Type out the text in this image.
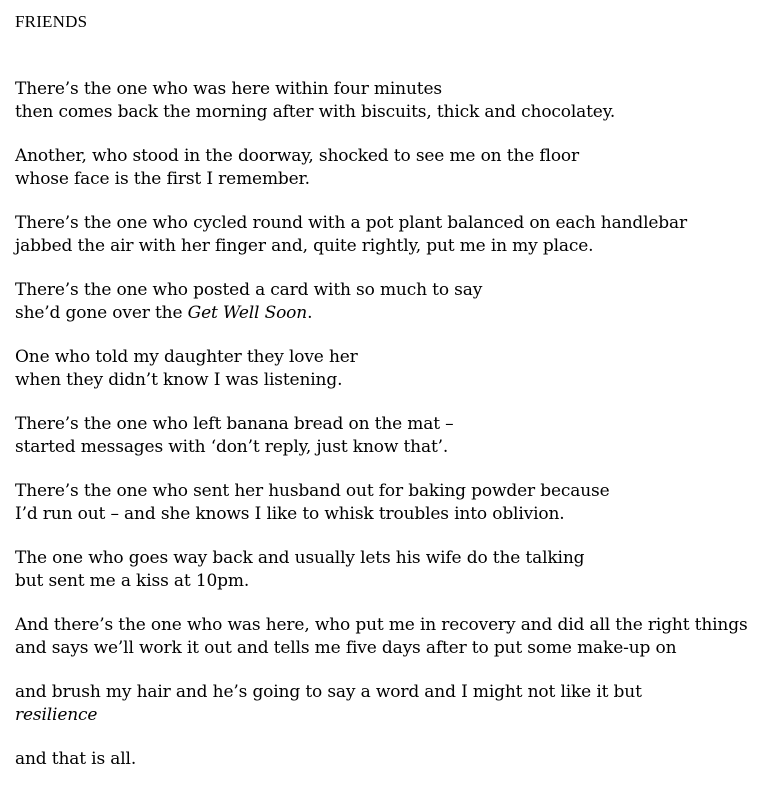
FRIENDS
There’s the one who was here within four minutes
then comes back the morning after with biscuits, thick and chocolatey.
Another, who stood in the doorway, shocked to see me on the floor
whose face is the first I remember.
There’s the one who cycled round with a pot plant balanced on each handlebar
jabbed the air with her finger and, quite rightly, put me in my place.
There’s the one who posted a card with so much to say
she’d gone over the Get Well Soon.
One who told my daughter they love her
when they didn’t know I was listening.
There’s the one who left banana bread on the mat –
started messages with ‘don’t reply, just know that’.
There’s the one who sent her husband out for baking powder because
I’d run out – and she knows I like to whisk troubles into oblivion.
The one who goes way back and usually lets his wife do the talking
but sent me a kiss at 10pm.
And there’s the one who was here, who put me in recovery and did all the right things
and says we’ll work it out and tells me five days after to put some make-up on
and brush my hair and he’s going to say a word and I might not like it but
resilience
and that is all.
